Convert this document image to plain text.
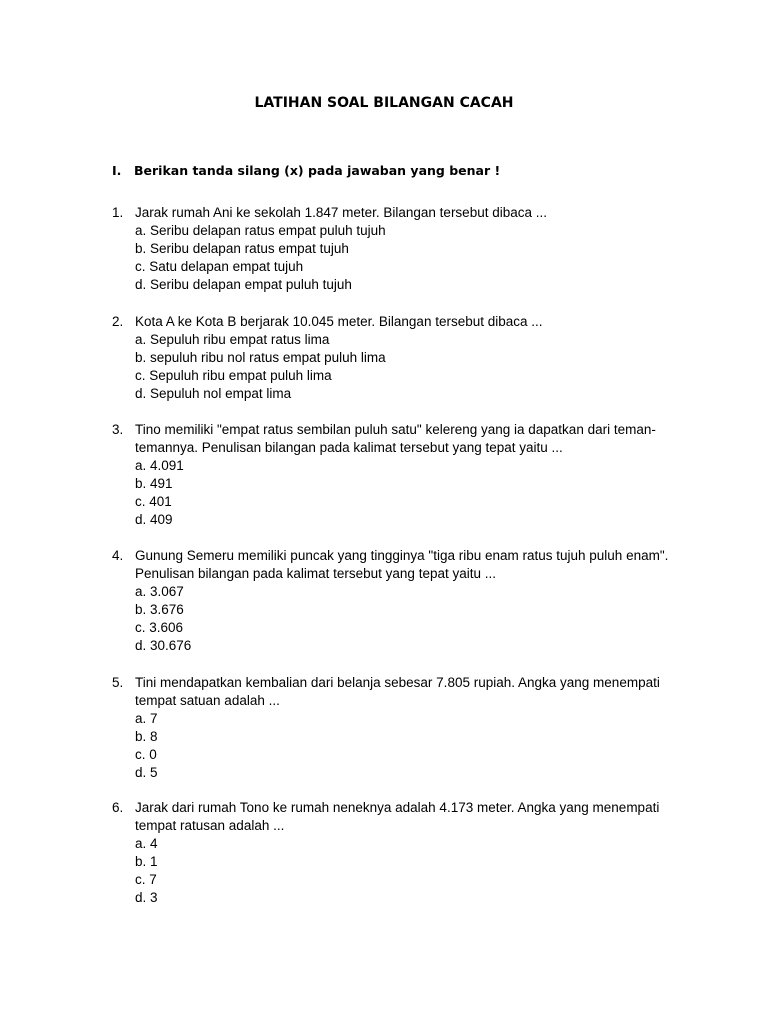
LATIHAN SOAL BILANGAN CACAH
I. Berikan tanda silang (x) pada jawaban yang benar !
1. Jarak rumah Ani ke sekolah 1.847 meter. Bilangan tersebut dibaca ...
a. Seribu delapan ratus empat puluh tujuh
b. Seribu delapan ratus empat tujuh
c. Satu delapan empat tujuh
d. Seribu delapan empat puluh tujuh
2. Kota A ke Kota B berjarak 10.045 meter. Bilangan tersebut dibaca ...
a. Sepuluh ribu empat ratus lima
b. sepuluh ribu nol ratus empat puluh lima
c. Sepuluh ribu empat puluh lima
d. Sepuluh nol empat lima
3. Tino memiliki "empat ratus sembilan puluh satu" kelereng yang ia dapatkan dari teman-temannya. Penulisan bilangan pada kalimat tersebut yang tepat yaitu ...
a. 4.091
b. 491
c. 401
d. 409
4. Gunung Semeru memiliki puncak yang tingginya "tiga ribu enam ratus tujuh puluh enam". Penulisan bilangan pada kalimat tersebut yang tepat yaitu ...
a. 3.067
b. 3.676
c. 3.606
d. 30.676
5. Tini mendapatkan kembalian dari belanja sebesar 7.805 rupiah. Angka yang menempati tempat satuan adalah ...
a. 7
b. 8
c. 0
d. 5
6. Jarak dari rumah Tono ke rumah neneknya adalah 4.173 meter. Angka yang menempati tempat ratusan adalah ...
a. 4
b. 1
c. 7
d. 3
